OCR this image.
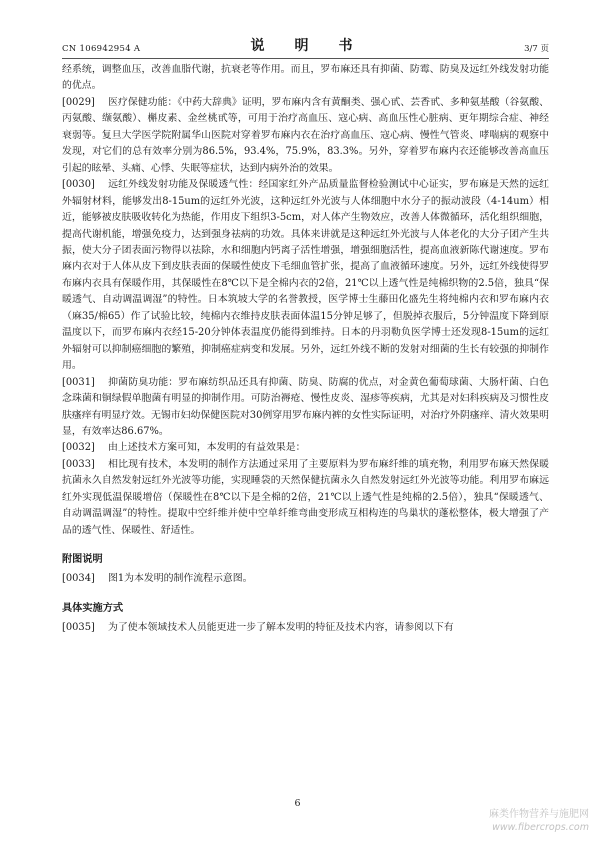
CN 106942954 A	说　明　书	3/7 页

经系统，调整血压，改善血脂代谢，抗衰老等作用。而且，罗布麻还具有抑菌、防霉、防臭及远红外线发射功能的优点。

[0029] 医疗保健功能：《中药大辞典》证明，罗布麻内含有黄酮类、强心甙、芸香甙、多种氨基酸（谷氨酸、丙氨酸、缬氨酸）、槲皮素、金丝桃甙等，可用于治疗高血压、寇心病、高血压性心脏病、更年期综合症、神经衰弱等。复旦大学医学院附属华山医院对穿着罗布麻内衣在治疗高血压、寇心病、慢性气管炎、哮喘病的观察中发现，对它们的总有效率分别为86.5%，93.4%，75.9%，83.3%。另外，穿着罗布麻内衣还能够改善高血压引起的眩晕、头痛、心悸、失眠等症状，达到内病外治的效果。

[0030] 远红外线发射功能及保暖透气性：经国家红外产品质量监督检验测试中心证实，罗布麻是天然的远红外辐射材料，能够发出8-15um的远红外光波，这种远红外光波与人体细胞中水分子的振动波段（4-14um）相近，能够被皮肤吸收转化为热能，作用皮下组织3-5cm，对人体产生物效应，改善人体微循环，活化组织细胞，提高代谢机能，增强免疫力，达到强身祛病的功效。具体来讲就是这种远红外光波与人体老化的大分子团产生共振，使大分子团表面污物得以祛除，水和细胞内钙离子活性增强，增强细胞活性，提高血液新陈代谢速度。罗布麻内衣对于人体从皮下到皮肤表面的保暖性使皮下毛细血管扩张，提高了血液循环速度。另外，远红外线使得罗布麻内衣具有保暖作用，其保暖性在8℃以下是全棉内衣的2倍，21℃以上透气性是纯棉织物的2.5倍，独具“保暖透气、自动调温调湿”的特性。日本筑坡大学的名誉教授，医学博士生藤田化盛先生将纯棉内衣和罗布麻内衣（麻35/棉65）作了试验比较，纯棉内衣维持皮肤表面体温15分钟足够了，但脱掉衣服后，5分钟温度下降到原温度以下，而罗布麻内衣经15-20分钟体表温度仍能得到维持。日本的丹羽勒负医学博士还发现8-15um的远红外辐射可以抑制癌细胞的繁殖，抑制癌症病变和发展。另外，远红外线不断的发射对细菌的生长有较强的抑制作用。

[0031] 抑菌防臭功能：罗布麻纺织品还具有抑菌、防臭、防腐的优点，对金黄色葡萄球菌、大肠杆菌、白色念珠菌和铜绿假单胞菌有明显的抑制作用。可防治褥疮、慢性皮炎、湿疹等疾病，尤其是对妇科疾病及习惯性皮肤瘙痒有明显疗效。无锡市妇幼保健医院对30例穿用罗布麻内裤的女性实际证明，对治疗外阴瘙痒、清火效果明显，有效率达86.67%。

[0032] 由上述技术方案可知，本发明的有益效果是：

[0033] 相比现有技术，本发明的制作方法通过采用了主要原料为罗布麻纤维的填充物，利用罗布麻天然保暖抗菌永久自然发射远红外光波等功能，实现睡袋的天然保健抗菌永久自然发射远红外光波等功能。利用罗布麻远红外实现低温保暖增倍（保暖性在8℃以下是全棉的2倍，21℃以上透气性是纯棉的2.5倍），独具“保暖透气、自动调温调湿”的特性。提取中空纤维并使中空单纤维弯曲变形成互相构连的鸟巢状的蓬松整体，极大增强了产品的透气性、保暖性、舒适性。

附图说明

[0034] 图1为本发明的制作流程示意图。

具体实施方式

[0035] 为了使本领域技术人员能更进一步了解本发明的特征及技术内容，请参阅以下有

6
麻类作物营养与施肥网
www.fibercrops.com
